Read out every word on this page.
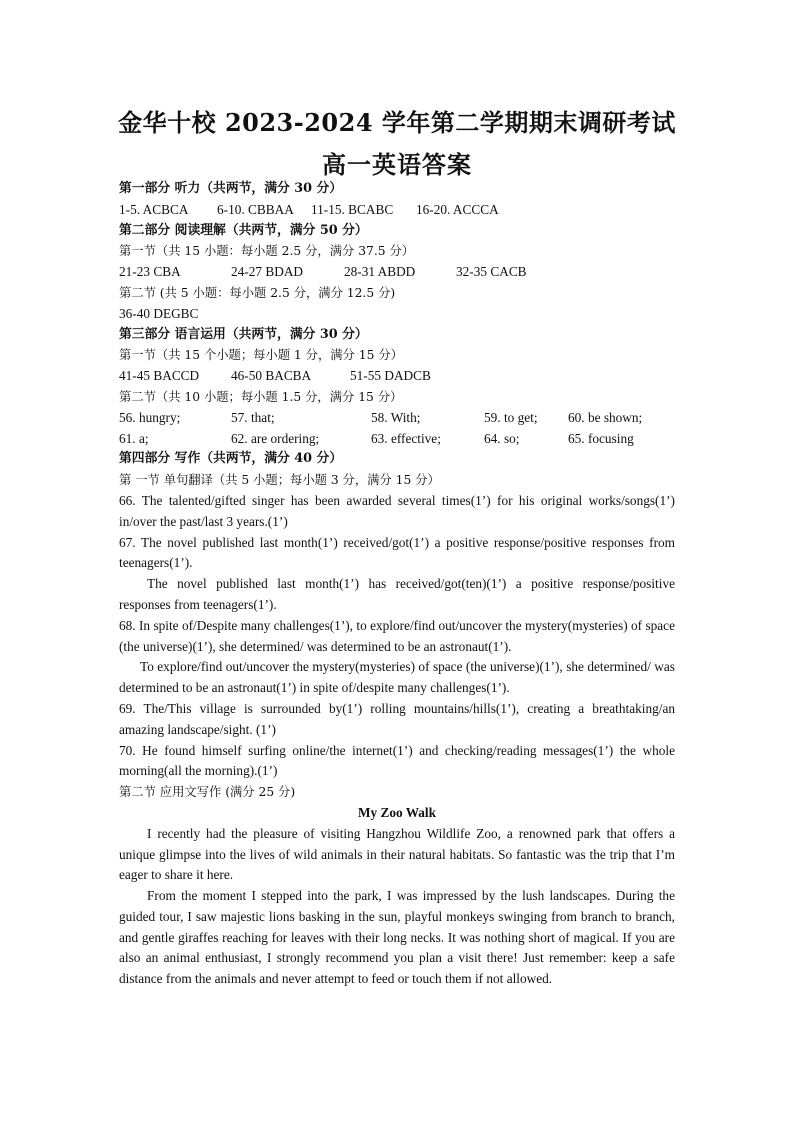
金华十校 2023-2024 学年第二学期期末调研考试
高一英语答案
第一部分 听力（共两节，满分 30 分）
1-5. ACBCA	6-10. CBBAA	11-15. BCABC	16-20. ACCCA
第二部分 阅读理解（共两节，满分 50 分）
第一节（共 15 小题：每小题 2.5 分，满分 37.5 分）
21-23 CBA	24-27 BDAD	28-31 ABDD	32-35 CACB
第二节 (共 5 小题：每小题 2.5 分，满分 12.5 分)
36-40 DEGBC
第三部分 语言运用（共两节，满分 30 分）
第一节（共 15 个小题；每小题 1 分，满分 15 分）
41-45 BACCD	46-50 BACBA	51-55 DADCB
第二节（共 10 小题；每小题 1.5 分，满分 15 分）
56. hungry;	57. that;	58. With;	59. to get;	60. be shown;
61. a;	62. are ordering;	63. effective;	64. so;	65. focusing
第四部分 写作（共两节，满分 40 分）
第 一节 单句翻译（共 5 小题；每小题 3 分，满分 15 分）
66. The talented/gifted singer has been awarded several times(1’) for his original works/songs(1’) in/over the past/last 3 years.(1’)
67. The novel published last month(1’) received/got(1’) a positive response/positive responses from teenagers(1’).
The novel published last month(1’) has received/got(ten)(1’) a positive response/positive responses from teenagers(1’).
68. In spite of/Despite many challenges(1’), to explore/find out/uncover the mystery(mysteries) of space (the universe)(1’), she determined/ was determined to be an astronaut(1’).
To explore/find out/uncover the mystery(mysteries) of space (the universe)(1’), she determined/ was determined to be an astronaut(1’) in spite of/despite many challenges(1’).
69. The/This village is surrounded by(1’) rolling mountains/hills(1’), creating a breathtaking/an amazing landscape/sight. (1’)
70. He found himself surfing online/the internet(1’) and checking/reading messages(1’) the whole morning(all the morning).(1’)
第二节 应用文写作 (满分 25 分)
My Zoo Walk
I recently had the pleasure of visiting Hangzhou Wildlife Zoo, a renowned park that offers a unique glimpse into the lives of wild animals in their natural habitats. So fantastic was the trip that I’m eager to share it here.
From the moment I stepped into the park, I was impressed by the lush landscapes. During the guided tour, I saw majestic lions basking in the sun, playful monkeys swinging from branch to branch, and gentle giraffes reaching for leaves with their long necks. It was nothing short of magical. If you are also an animal enthusiast, I strongly recommend you plan a visit there! Just remember: keep a safe distance from the animals and never attempt to feed or touch them if not allowed.
